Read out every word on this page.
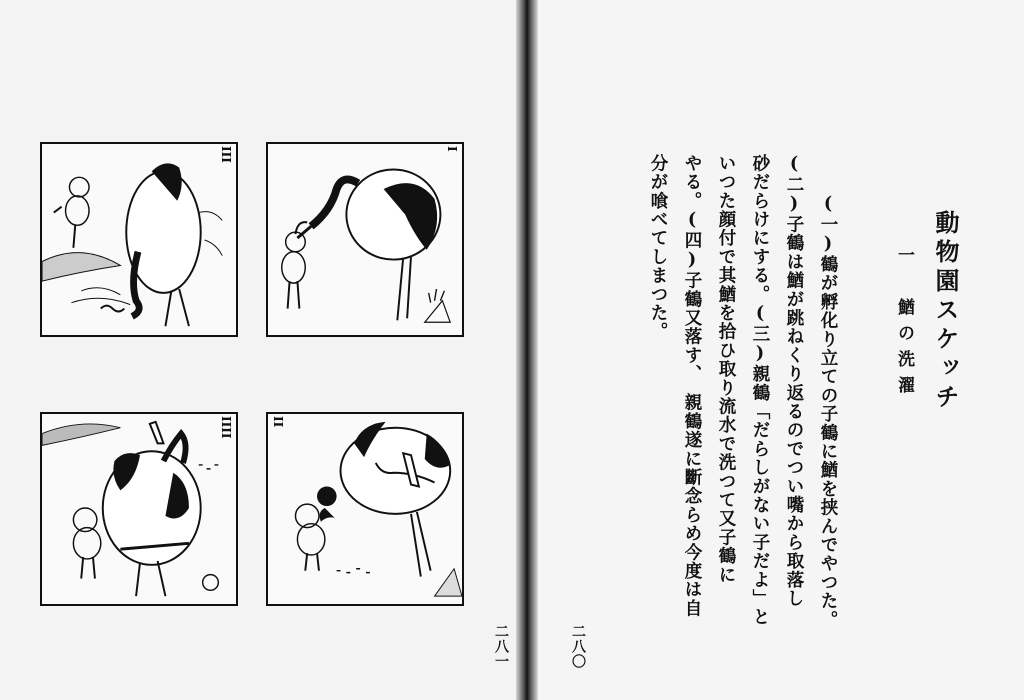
I
III
II
IIII
二八一
動物園スケッチ
一　鰌の洗濯
(一)鶴が孵化り立ての子鶴に鰌を挟んでやつた。
(二)子鶴は鰌が跳ねくり返るのでつい嘴から取落し
砂だらけにする。(三)親鶴「だらしがない子だよ」と
いつた顔付で其鰌を拾ひ取り流水で洗つて又子鶴に
やる。(四)子鶴又落す、　親鶴遂に斷念らめ今度は自
分が喰べてしまつた。
二八〇
